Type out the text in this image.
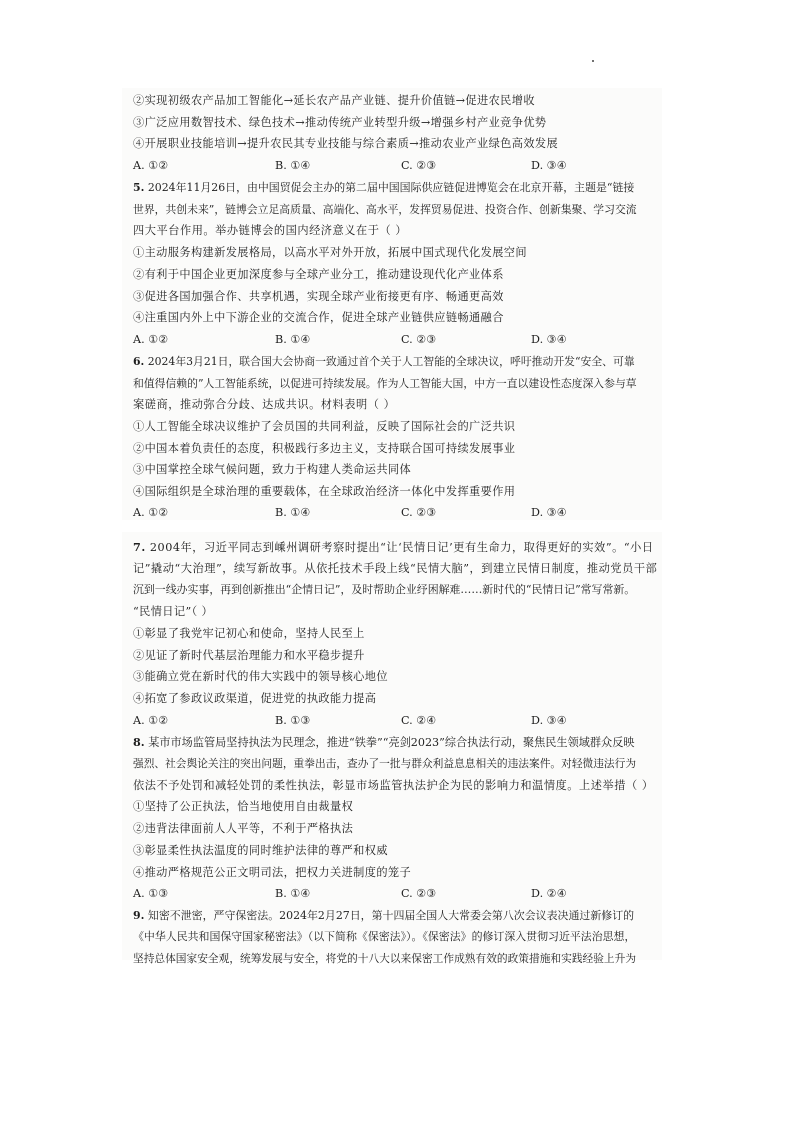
②实现初级农产品加工智能化→延长农产品产业链、提升价值链→促进农民增收
③广泛应用数智技术、绿色技术→推动传统产业转型升级→增强乡村产业竞争优势
④开展职业技能培训→提升农民其专业技能与综合素质→推动农业产业绿色高效发展
A. ①②	B. ①④	C. ②③	D. ③④
5. 2024年11月26日，由中国贸促会主办的第二届中国国际供应链促进博览会在北京开幕，主题是“链接
世界，共创未来”，链博会立足高质量、高端化、高水平，发挥贸易促进、投资合作、创新集聚、学习交流
四大平台作用。举办链博会的国内经济意义在于（ ）
①主动服务构建新发展格局，以高水平对外开放，拓展中国式现代化发展空间
②有利于中国企业更加深度参与全球产业分工，推动建设现代化产业体系
③促进各国加强合作、共享机遇，实现全球产业衔接更有序、畅通更高效
④注重国内外上中下游企业的交流合作，促进全球产业链供应链畅通融合
A. ①②	B. ①④	C. ②③	D. ③④
6. 2024年3月21日，联合国大会协商一致通过首个关于人工智能的全球决议，呼吁推动开发“安全、可靠
和值得信赖的”人工智能系统，以促进可持续发展。作为人工智能大国，中方一直以建设性态度深入参与草
案磋商，推动弥合分歧、达成共识。材料表明（ ）
①人工智能全球决议维护了会员国的共同利益，反映了国际社会的广泛共识
②中国本着负责任的态度，积极践行多边主义，支持联合国可持续发展事业
③中国掌控全球气候问题，致力于构建人类命运共同体
④国际组织是全球治理的重要载体，在全球政治经济一体化中发挥重要作用
A. ①②	B. ①④	C. ②③	D. ③④
7. 2004年，习近平同志到嵊州调研考察时提出“让‘民情日记’更有生命力，取得更好的实效”。“小日
记”撬动“大治理”，续写新故事。从依托技术手段上线“民情大脑”，到建立民情日制度，推动党员干部
沉到一线办实事，再到创新推出“企情日记”，及时帮助企业纾困解难……新时代的“民情日记”常写常新。
“民情日记”（ ）
①彰显了我党牢记初心和使命，坚持人民至上
②见证了新时代基层治理能力和水平稳步提升
③能确立党在新时代的伟大实践中的领导核心地位
④拓宽了参政议政渠道，促进党的执政能力提高
A. ①②	B. ①③	C. ②④	D. ③④
8. 某市市场监管局坚持执法为民理念，推进“铁拳”“亮剑2023”综合执法行动，聚焦民生领域群众反映
强烈、社会舆论关注的突出问题，重拳出击，查办了一批与群众利益息息相关的违法案件。对轻微违法行为
依法不予处罚和减轻处罚的柔性执法，彰显市场监管执法护企为民的影响力和温情度。上述举措（ ）
①坚持了公正执法，恰当地使用自由裁量权
②违背法律面前人人平等，不利于严格执法
③彰显柔性执法温度的同时维护法律的尊严和权威
④推动严格规范公正文明司法，把权力关进制度的笼子
A. ①③	B. ①④	C. ②③	D. ②④
9. 知密不泄密，严守保密法。2024年2月27日，第十四届全国人大常委会第八次会议表决通过新修订的
《中华人民共和国保守国家秘密法》（以下简称《保密法》）。《保密法》的修订深入贯彻习近平法治思想，
坚持总体国家安全观，统筹发展与安全，将党的十八大以来保密工作成熟有效的政策措施和实践经验上升为
